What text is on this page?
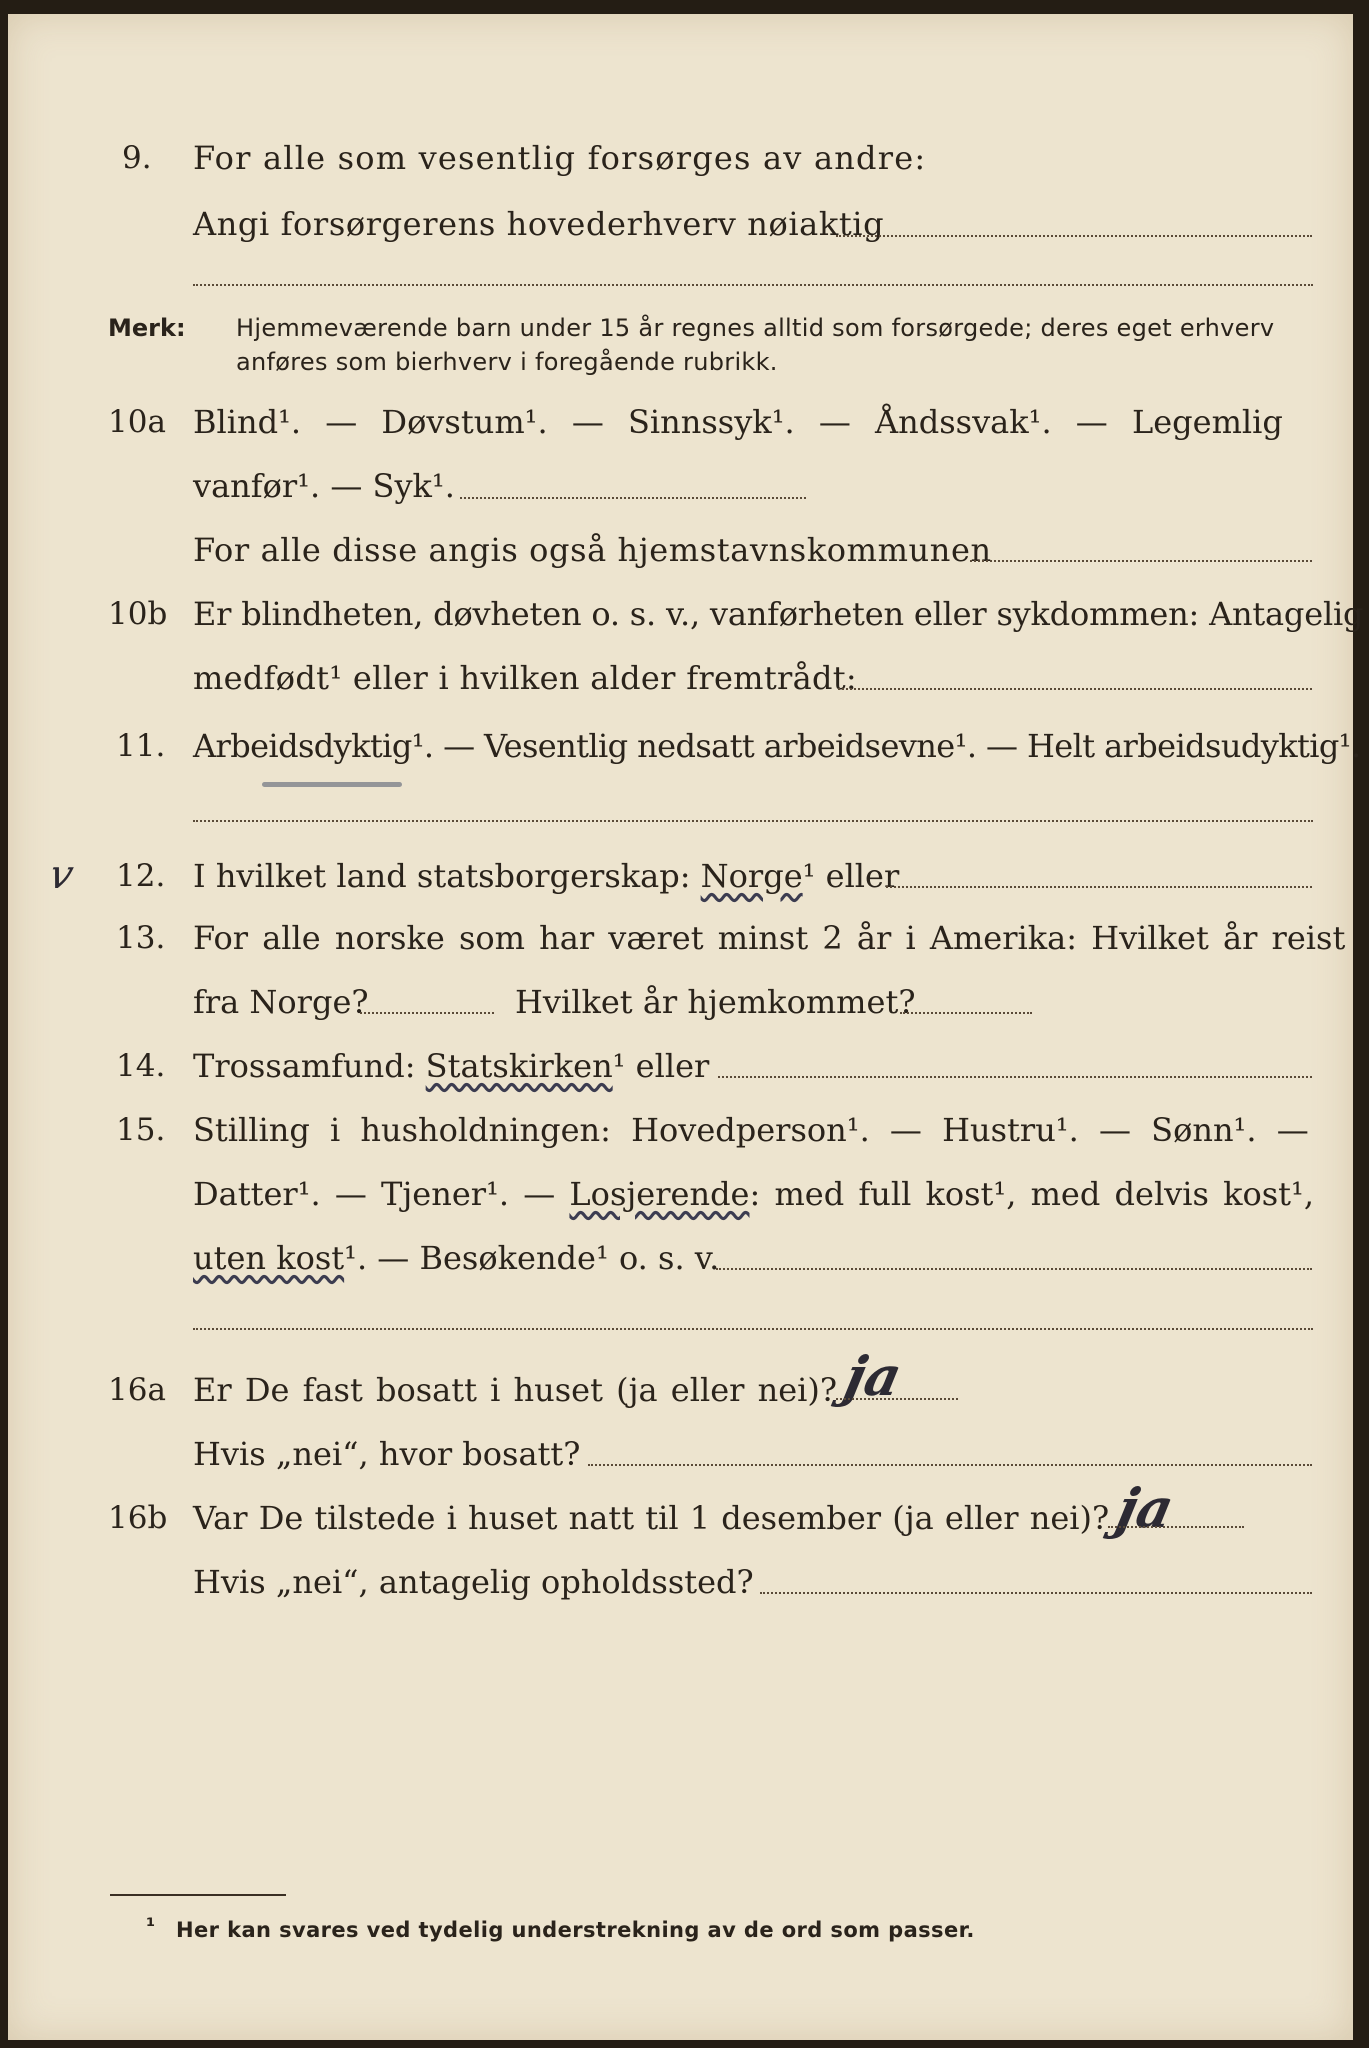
9. For alle som vesentlig forsørges av andre:
Angi forsørgerens hovederhverv nøiaktig
Merk: Hjemmeværende barn under 15 år regnes alltid som forsørgede; deres eget erhverv
anføres som bierhverv i foregående rubrikk.
10a Blind¹. — Døvstum¹. — Sinnssyk¹. — Åndssvak¹. — Legemlig
vanfør¹. — Syk¹.
For alle disse angis også hjemstavnskommunen
10b Er blindheten, døvheten o. s. v., vanførheten eller sykdommen: Antagelig
medfødt¹ eller i hvilken alder fremtrådt:
11. Arbeidsdyktig¹. — Vesentlig nedsatt arbeidsevne¹. — Helt arbeidsudyktig¹.
v 12. I hvilket land statsborgerskap: Norge¹ eller
13. For alle norske som har været minst 2 år i Amerika: Hvilket år reist
fra Norge?	Hvilket år hjemkommet?
14. Trossamfund: Statskirken¹ eller
15. Stilling i husholdningen: Hovedperson¹. — Hustru¹. — Sønn¹. —
Datter¹. — Tjener¹. — Losjerende: med full kost¹, med delvis kost¹,
uten kost¹. — Besøkende¹ o. s. v.
16a Er De fast bosatt i huset (ja eller nei)? ja
Hvis „nei“, hvor bosatt?
16b Var De tilstede i huset natt til 1 desember (ja eller nei)? ja
Hvis „nei“, antagelig opholdssted?
¹ Her kan svares ved tydelig understrekning av de ord som passer.
